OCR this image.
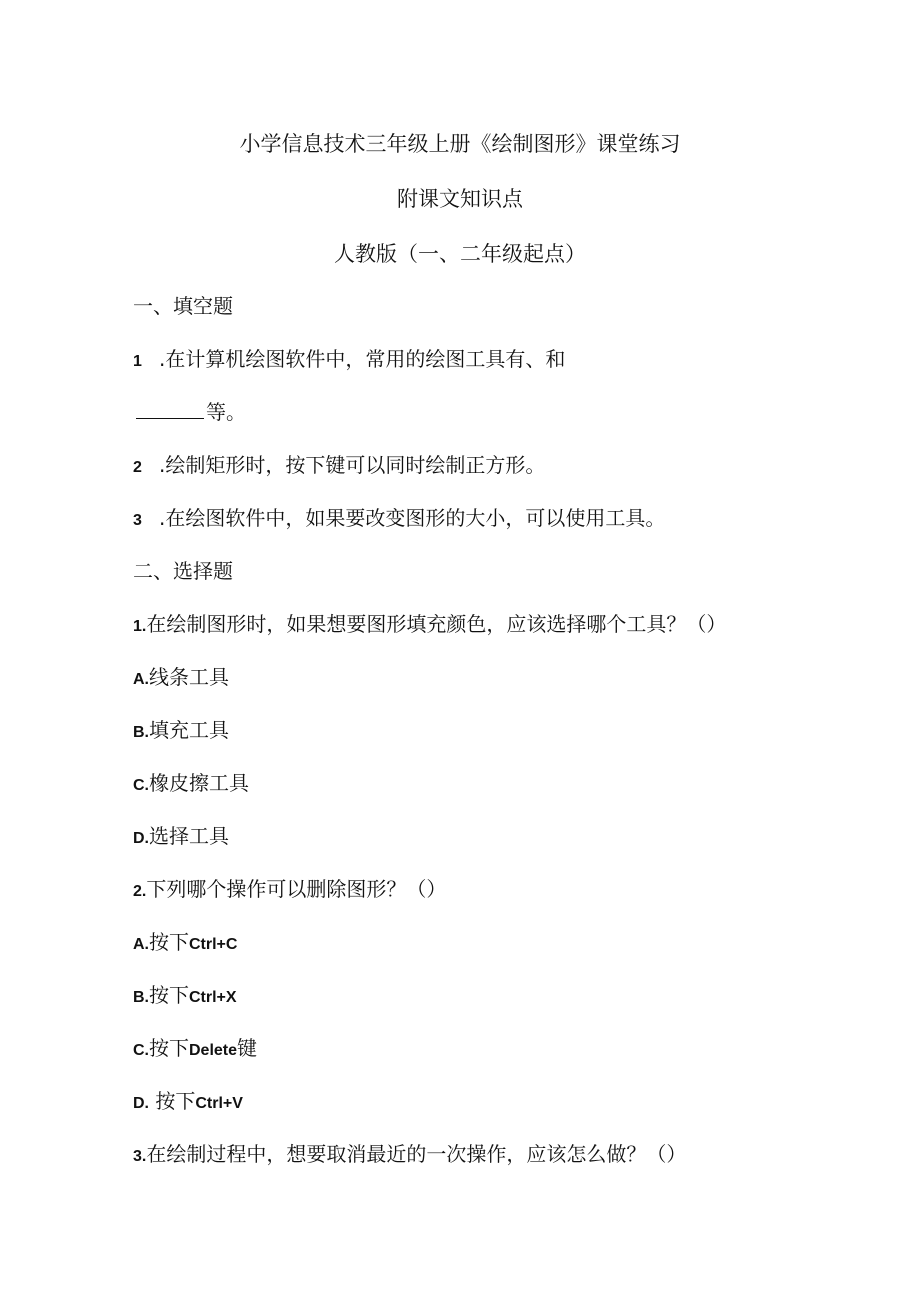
小学信息技术三年级上册《绘制图形》课堂练习
附课文知识点
人教版（一、二年级起点）
一、填空题
1 .在计算机绘图软件中，常用的绘图工具有、和
等。
2 .绘制矩形时，按下键可以同时绘制正方形。
3 .在绘图软件中，如果要改变图形的大小，可以使用工具。
二、选择题
1.在绘制图形时，如果想要图形填充颜色，应该选择哪个工具？（）
A.线条工具
B.填充工具
C.橡皮擦工具
D.选择工具
2.下列哪个操作可以删除图形？（）
A.按下Ctrl+C
B.按下Ctrl+X
C.按下Delete键
D. 按下Ctrl+V
3.在绘制过程中，想要取消最近的一次操作，应该怎么做？（）
